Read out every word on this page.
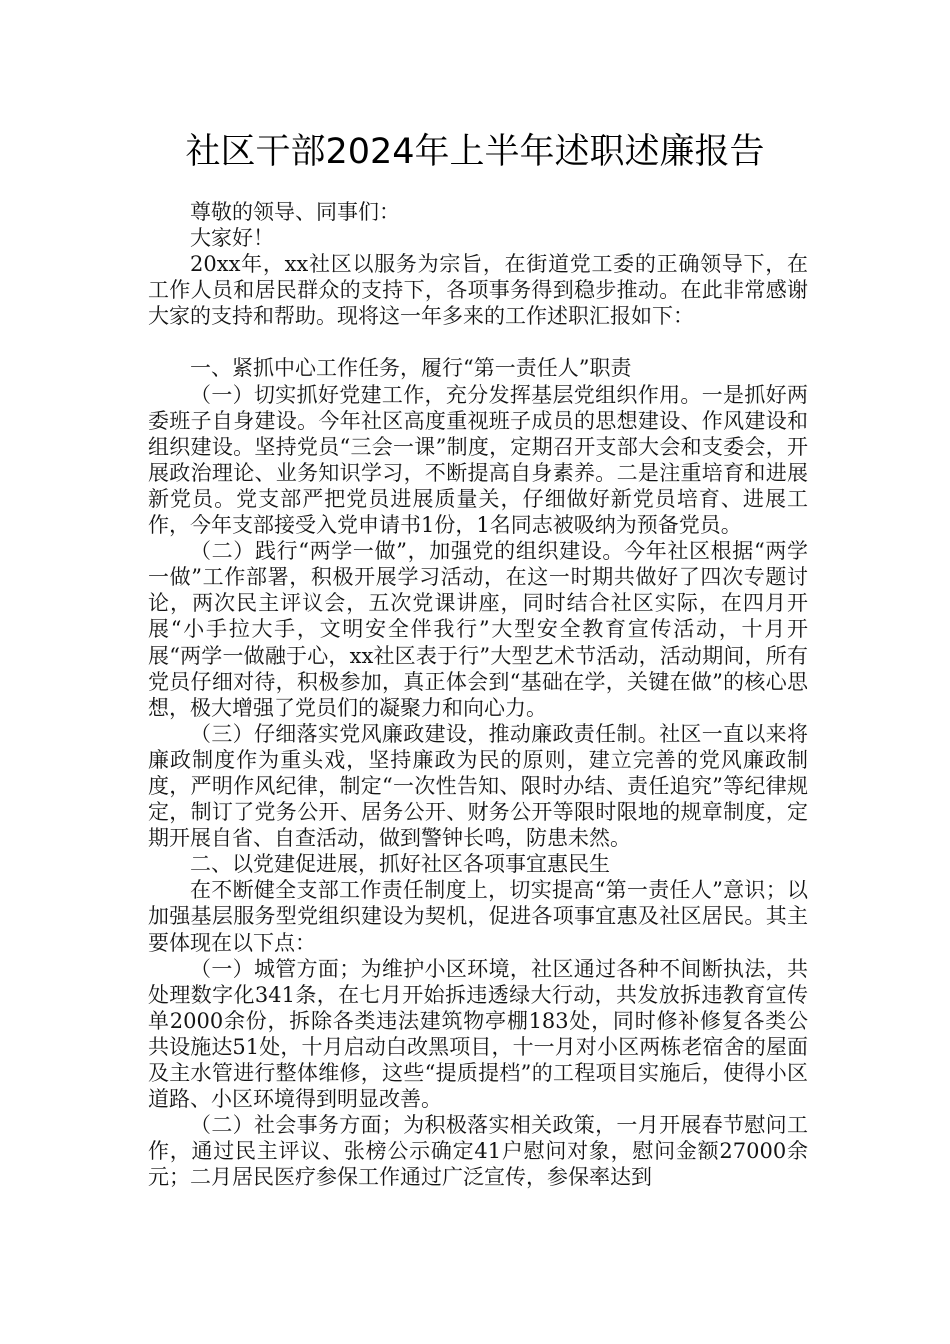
社区干部2024年上半年述职述廉报告

尊敬的领导、同事们：

大家好！

20xx年，xx社区以服务为宗旨，在街道党工委的正确领导下，在工作人员和居民群众的支持下，各项事务得到稳步推动。在此非常感谢大家的支持和帮助。现将这一年多来的工作述职汇报如下：

一、紧抓中心工作任务，履行“第一责任人”职责

（一）切实抓好党建工作，充分发挥基层党组织作用。一是抓好两委班子自身建设。今年社区高度重视班子成员的思想建设、作风建设和组织建设。坚持党员“三会一课”制度，定期召开支部大会和支委会，开展政治理论、业务知识学习，不断提高自身素养。二是注重培育和进展新党员。党支部严把党员进展质量关，仔细做好新党员培育、进展工作，今年支部接受入党申请书1份，1名同志被吸纳为预备党员。

（二）践行“两学一做”，加强党的组织建设。今年社区根据“两学一做”工作部署，积极开展学习活动，在这一时期共做好了四次专题讨论，两次民主评议会，五次党课讲座，同时结合社区实际，在四月开展“小手拉大手，文明安全伴我行”大型安全教育宣传活动，十月开展“两学一做融于心，xx社区表于行”大型艺术节活动，活动期间，所有党员仔细对待，积极参加，真正体会到“基础在学，关键在做”的核心思想，极大增强了党员们的凝聚力和向心力。

（三）仔细落实党风廉政建设，推动廉政责任制。社区一直以来将廉政制度作为重头戏，坚持廉政为民的原则，建立完善的党风廉政制度，严明作风纪律，制定“一次性告知、限时办结、责任追究”等纪律规定，制订了党务公开、居务公开、财务公开等限时限地的规章制度，定期开展自省、自查活动，做到警钟长鸣，防患未然。

二、以党建促进展，抓好社区各项事宜惠民生

在不断健全支部工作责任制度上，切实提高“第一责任人”意识；以加强基层服务型党组织建设为契机，促进各项事宜惠及社区居民。其主要体现在以下点：

（一）城管方面；为维护小区环境，社区通过各种不间断执法，共处理数字化341条，在七月开始拆违透绿大行动，共发放拆违教育宣传单2000余份，拆除各类违法建筑物亭棚183处，同时修补修复各类公共设施达51处，十月启动白改黑项目，十一月对小区两栋老宿舍的屋面及主水管进行整体维修，这些“提质提档”的工程项目实施后，使得小区道路、小区环境得到明显改善。

（二）社会事务方面；为积极落实相关政策，一月开展春节慰问工作，通过民主评议、张榜公示确定41户慰问对象，慰问金额27000余元；二月居民医疗参保工作通过广泛宣传，参保率达到
